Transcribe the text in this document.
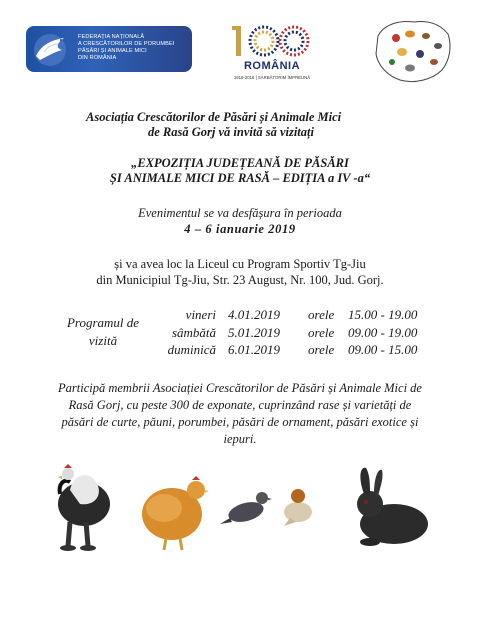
FEDERAȚIA NAȚIONALĂ
A CRESCĂTORILOR DE PORUMBEI
PĂSĂRI ȘI ANIMALE MICI
DIN ROMÂNIA
ROMÂNIA
1918-2018 | SĂRBĂTORIM ÎMPREUNĂ
Asociația Crescătorilor de Păsări și Animale Mici
de Rasă Gorj vă invită să vizitați
„EXPOZIȚIA JUDEȚEANĂ DE PĂSĂRI
ȘI ANIMALE MICI DE RASĂ – EDIȚIA a IV -a“
Evenimentul se va desfășura în perioada
4 – 6 ianuarie 2019
și va avea loc la Liceul cu Program Sportiv Tg-Jiu
din Municipiul Tg-Jiu, Str. 23 August, Nr. 100, Jud. Gorj.
Programul de
vizită
vineri 4.01.2019	orele	15.00 - 19.00
sâmbătă 5.01.2019	orele	09.00 - 19.00
duminică 6.01.2019	orele	09.00 - 15.00
Participă membrii Asociației Crescătorilor de Păsări și Animale Mici de
Rasă Gorj, cu peste 300 de exponate, cuprinzând rase și varietăți de
păsări de curte, păuni, porumbei, păsări de ornament, păsări exotice și
iepuri.
